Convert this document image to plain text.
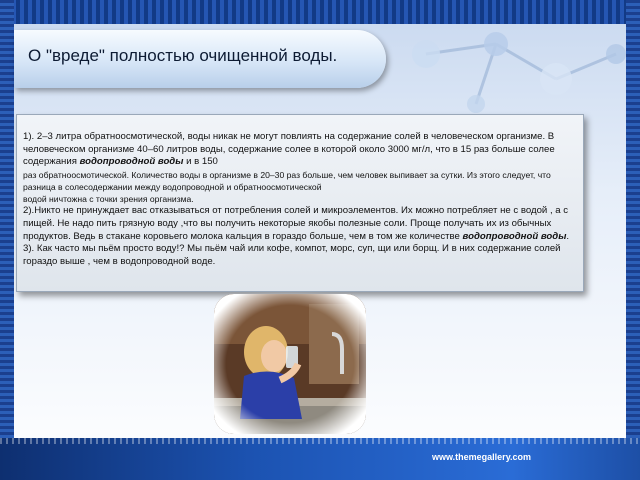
О "вреде" полностью очищенной воды.

1). 2–3 литра обратноосмотической, воды никак не могут повлиять на содержание солей в человеческом организме. В человеческом организме 40–60 литров воды, содержание солее в которой около 3000 мг/л, что в 15 раз больше солее содержания водопроводной воды и в 150

раз обратноосмотической. Количество воды в организме в 20–30 раз больше, чем человек выпивает за сутки. Из этого следует, что разница в солесодержании между водопроводной и обратноосмотической

водой ничтожна с точки зрения организма.

2).Никто не принуждает вас отказываться от потребления солей и микроэлементов. Их можно потребляет не с водой , а с пищей. Не надо пить грязную воду ,что вы получить некоторые якобы полезные соли. Проще получать их из обычных продуктов. Ведь в стакане коровьего молока кальция в гораздо больше, чем в том же количестве водопроводной воды.

3). Как часто мы пьём просто воду!? Мы пьём чай или кофе, компот, морс, суп, щи или борщ. И в них содержание солей гораздо выше , чем в водопроводной воде.

www.themegallery.com
